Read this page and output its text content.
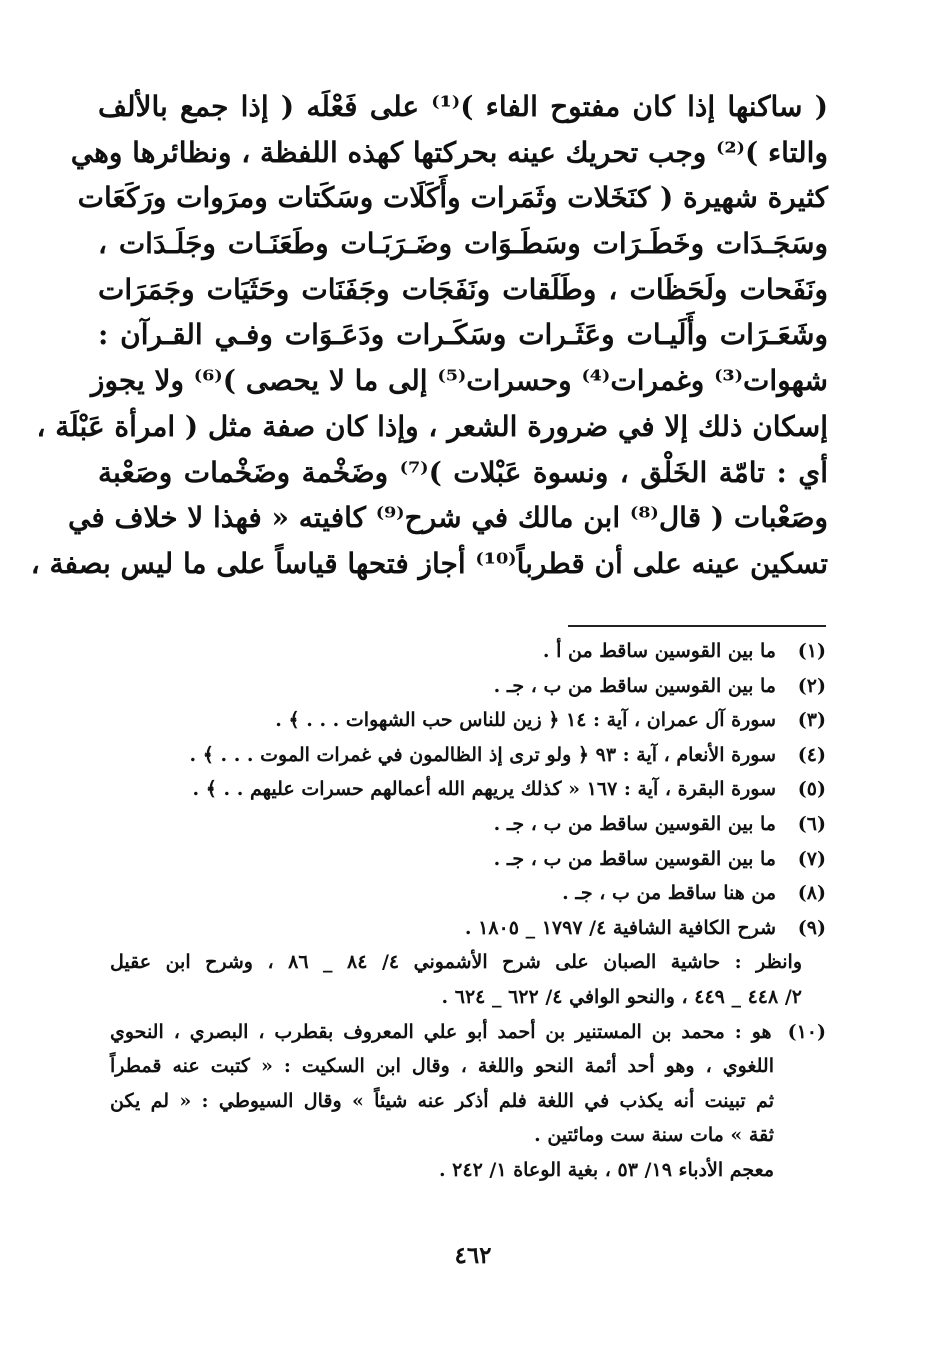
( ساكنها إذا كان مفتوح الفاء )⁽¹⁾ على فَعْلَه ( إذا جمع بالألف
والتاء )⁽²⁾ وجب تحريك عينه بحركتها كهذه اللفظة ، ونظائرها وهي
كثيرة شهيرة ( كنَخَلات وثَمَرات وأَكَلَات وسَكَتات ومرَوات ورَكَعَات
وسَجَـدَات وخَطَـرَات وسَطَـوَات وضَـرَبَـات وطَعَنَـات وجَلَـدَات ،
ونَفَحات ولَحَظَات ، وطَلَقات ونَفَجَات وجَفَنَات وحَثَيَات وجَمَرَات
وشَعَـرَات وأَلَيـات وعَثَـرات وسَكَـرات ودَعَـوَات وفـي القـرآن :
شهوات⁽³⁾ وغمرات⁽⁴⁾ وحسرات⁽⁵⁾ إلى ما لا يحصى )⁽⁶⁾ ولا يجوز
إسكان ذلك إلا في ضرورة الشعر ، وإذا كان صفة مثل ( امرأة عَبْلَة ،
أي : تامّة الخَلْق ، ونسوة عَبْلات )⁽⁷⁾ وضَخْمة وضَخْمات وصَعْبة
وصَعْبات ( قال⁽⁸⁾ ابن مالك في شرح⁽⁹⁾ كافيته « فهذا لا خلاف في
تسكين عينه على أن قطرباً⁽¹⁰⁾ أجاز فتحها قياساً على ما ليس بصفة ،
(١)ما بين القوسين ساقط من أ .
(٢)ما بين القوسين ساقط من ب ، جـ .
(٣)سورة آل عمران ، آية : ١٤ ﴿ زين للناس حب الشهوات . . . ﴾ .
(٤)سورة الأنعام ، آية : ٩٣ ﴿ ولو ترى إذ الظالمون في غمرات الموت . . . ﴾ .
(٥)سورة البقرة ، آية : ١٦٧ « كذلك يريهم الله أعمالهم حسرات عليهم . . ﴾ .
(٦)ما بين القوسين ساقط من ب ، جـ .
(٧)ما بين القوسين ساقط من ب ، جـ .
(٨)من هنا ساقط من ب ، جـ .
(٩)شرح الكافية الشافية ٤/ ١٧٩٧ _ ١٨٠٥ .
وانظر : حاشية الصبان على شرح الأشموني ٤/ ٨٤ _ ٨٦ ، وشرح ابن عقيل
٢/ ٤٤٨ _ ٤٤٩ ، والنحو الوافي ٤/ ٦٢٢ _ ٦٢٤ .
(١٠)هو : محمد بن المستنير بن أحمد أبو علي المعروف بقطرب ، البصري ، النحوي
اللغوي ، وهو أحد أئمة النحو واللغة ، وقال ابن السكيت : « كتبت عنه قمطراً
ثم تبينت أنه يكذب في اللغة فلم أذكر عنه شيئاً » وقال السيوطي : « لم يكن
ثقة » مات سنة ست ومائتين .
معجم الأدباء ١٩/ ٥٣ ، بغية الوعاة ١/ ٢٤٢ .
٤٦٢
